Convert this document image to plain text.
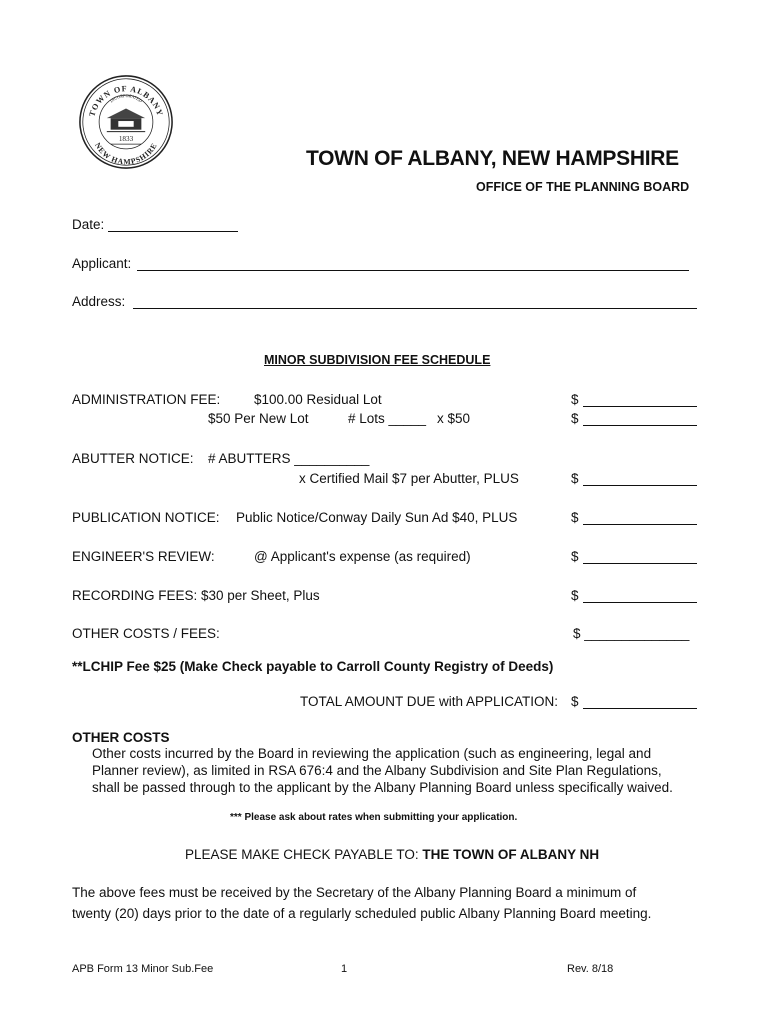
TOWN OF ALBANY
NEW HAMPSHIRE
INCORPORATED
1833
TOWN OF ALBANY, NEW HAMPSHIRE
OFFICE OF THE PLANNING BOARD
Date:
Applicant:
Address:
MINOR SUBDIVISION FEE SCHEDULE
ADMINISTRATION FEE: $100.00 Residual Lot	$
$50 Per New Lot	# Lots _____ x $50	$
ABUTTER NOTICE: # ABUTTERS __________
x Certified Mail $7 per Abutter, PLUS	$
PUBLICATION NOTICE: Public Notice/Conway Daily Sun Ad $40, PLUS	$
ENGINEER'S REVIEW:	@ Applicant's expense (as required)	$
RECORDING FEES: $30 per Sheet, Plus	$
OTHER COSTS / FEES:	$ ______________
**LCHIP Fee $25 (Make Check payable to Carroll County Registry of Deeds)
TOTAL AMOUNT DUE with APPLICATION: $
OTHER COSTS
Other costs incurred by the Board in reviewing the application (such as engineering, legal and
Planner review), as limited in RSA 676:4 and the Albany Subdivision and Site Plan Regulations,
shall be passed through to the applicant by the Albany Planning Board unless specifically waived.
*** Please ask about rates when submitting your application.
PLEASE MAKE CHECK PAYABLE TO: THE TOWN OF ALBANY NH
The above fees must be received by the Secretary of the Albany Planning Board a minimum of
twenty (20) days prior to the date of a regularly scheduled public Albany Planning Board meeting.
APB Form 13 Minor Sub.Fee	1	Rev. 8/18
